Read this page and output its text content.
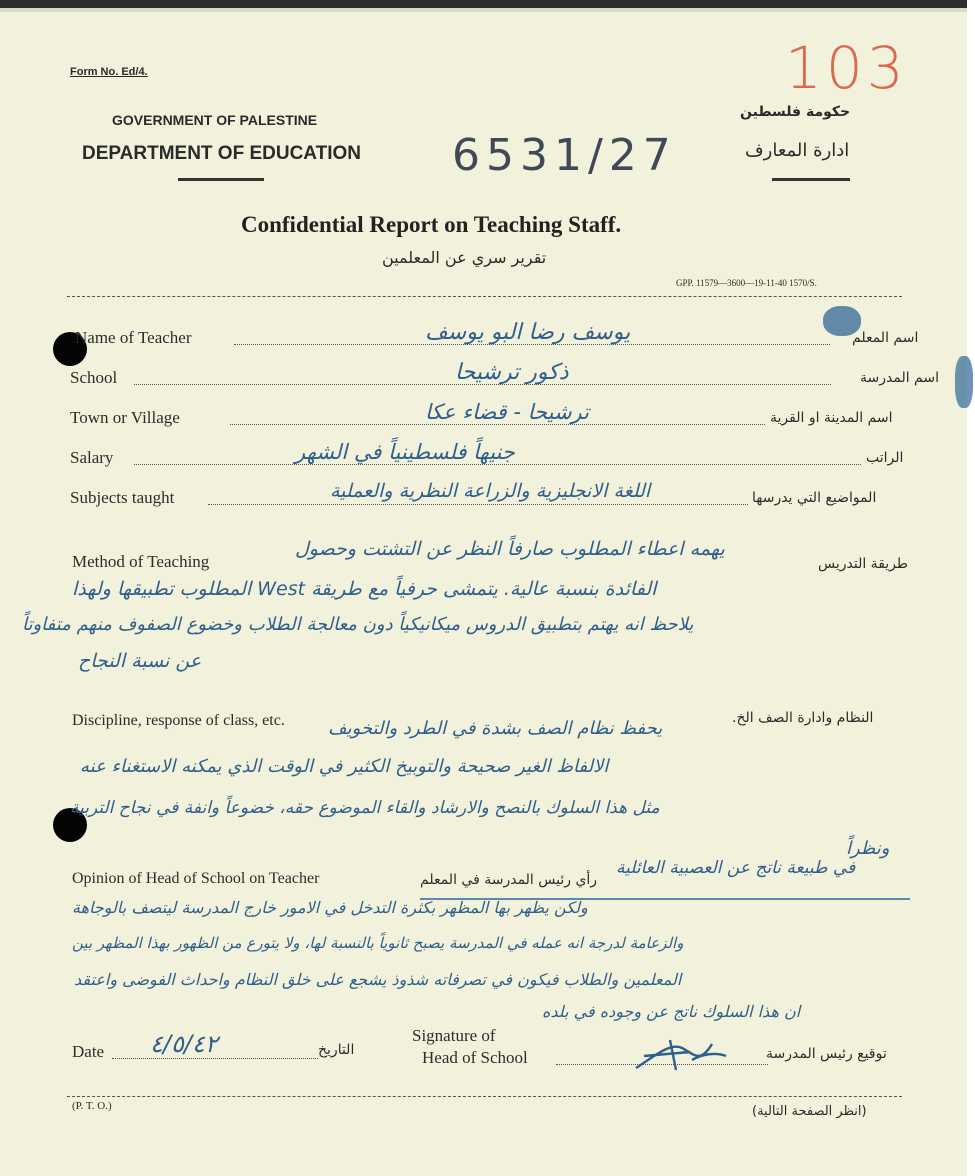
Form No. Ed/4.
GOVERNMENT OF PALESTINE
DEPARTMENT OF EDUCATION
حكومة فلسطين
ادارة المعارف
103
6531/27
Confidential Report on Teaching Staff.
تقرير سري عن المعلمين
GPP. 11579—3600—19-11-40 1570/S.
Name of Teacher	يوسف رضا البو يوسف	اسم المعلم
School	ذكور ترشيحا	اسم المدرسة
Town or Village	ترشيحا - قضاء عكا	اسم المدينة او القرية
Salary	جنيهاً فلسطينياً في الشهر	الراتب
Subjects taught	اللغة الانجليزية والزراعة النظرية والعملية	المواضيع التي يدرسها
Method of Teaching	طريقة التدريس
يهمه اعطاء المطلوب صارفاً النظر عن التشتت وحصول
الفائدة بنسبة عالية. يتمشى حرفياً مع طريقة West المطلوب تطبيقها ولهذا
يلاحظ انه يهتم بتطبيق الدروس ميكانيكياً دون معالجة الطلاب وخضوع الصفوف منهم متفاوتاً
عن نسبة النجاح
Discipline, response of class, etc.	النظام وادارة الصف الخ.
يحفظ نظام الصف بشدة في الطرد والتخويف
الالفاظ الغير صحيحة والتوبيخ الكثير في الوقت الذي يمكنه الاستغناء عنه
مثل هذا السلوك بالنصح والارشاد والقاء الموضوع حقه، خضوعاً وانفة في نجاح التربية
ونظراً
Opinion of Head of School on Teacher	رأي رئيس المدرسة في المعلم
في طبيعة ناتج عن العصبية العائلية
ولكن يظهر بها المظهر بكثرة التدخل في الامور خارج المدرسة ليتصف بالوجاهة
والزعامة لدرجة انه عمله في المدرسة يصبح ثانوياً بالنسبة لها، ولا يتورع من الظهور بهذا المظهر بين
المعلمين والطلاب فيكون في تصرفاته شذوذ يشجع على خلق النظام واحداث الفوضى واعتقد
ان هذا السلوك ناتج عن وجوده في بلده
Date ٤/٥/٤٢	التاريخ
Signature of
Head of School	توقيع رئيس المدرسة
(P. T. O.)	(انظر الصفحة التالية)
